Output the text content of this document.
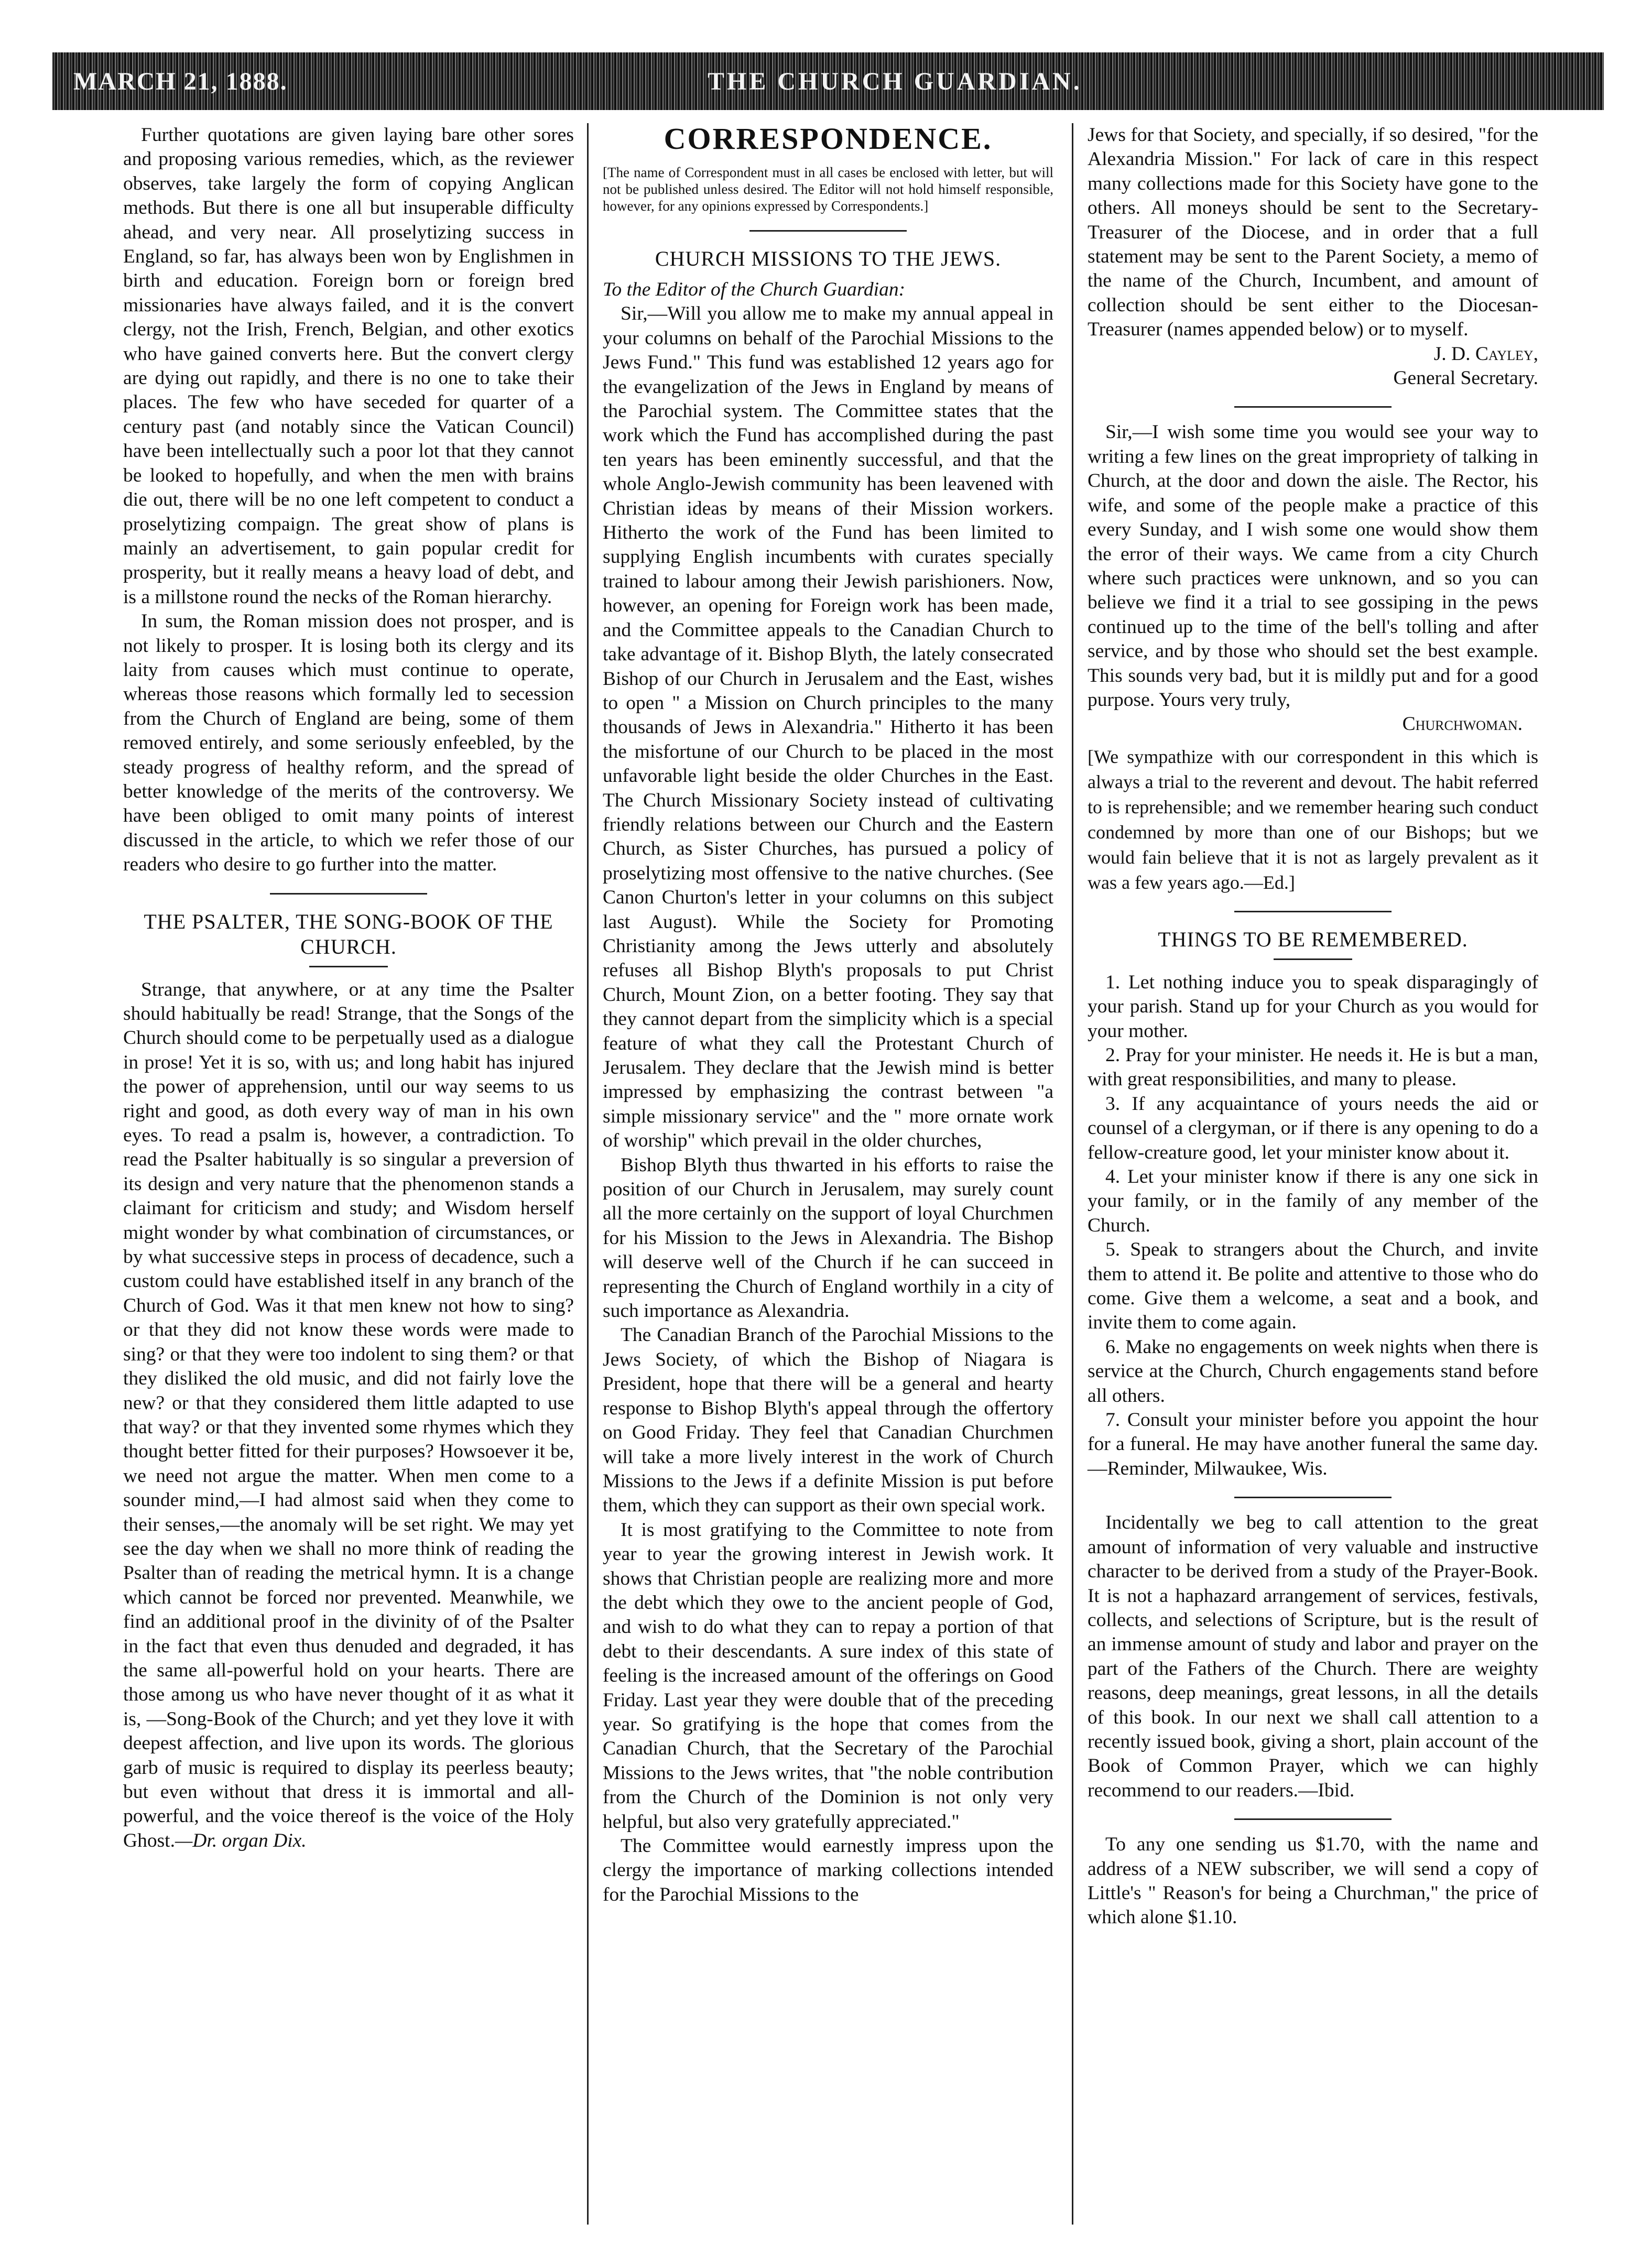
MARCH 21, 1888.	THE CHURCH GUARDIAN.

Further quotations are given laying bare other sores and proposing various remedies, which, as the reviewer observes, take largely the form of copying Anglican methods. But there is one all but insuperable difficulty ahead, and very near. All proselytizing success in England, so far, has always been won by Englishmen in birth and education. Foreign born or foreign bred missionaries have always failed, and it is the convert clergy, not the Irish, French, Belgian, and other exotics who have gained converts here. But the convert clergy are dying out rapidly, and there is no one to take their places. The few who have seceded for quarter of a century past (and notably since the Vatican Council) have been intellectually such a poor lot that they cannot be looked to hopefully, and when the men with brains die out, there will be no one left competent to conduct a proselytizing compaign. The great show of plans is mainly an advertisement, to gain popular credit for prosperity, but it really means a heavy load of debt, and is a millstone round the necks of the Roman hierarchy.

In sum, the Roman mission does not prosper, and is not likely to prosper. It is losing both its clergy and its laity from causes which must continue to operate, whereas those reasons which formally led to secession from the Church of England are being, some of them removed entirely, and some seriously enfeebled, by the steady progress of healthy reform, and the spread of better knowledge of the merits of the controversy. We have been obliged to omit many points of interest discussed in the article, to which we refer those of our readers who desire to go further into the matter.

THE PSALTER, THE SONG-BOOK OF THE CHURCH.

Strange, that anywhere, or at any time the Psalter should habitually be read! Strange, that the Songs of the Church should come to be perpetually used as a dialogue in prose! Yet it is so, with us; and long habit has injured the power of apprehension, until our way seems to us right and good, as doth every way of man in his own eyes. To read a psalm is, however, a contradiction. To read the Psalter habitually is so singular a preversion of its design and very nature that the phenomenon stands a claimant for criticism and study; and Wisdom herself might wonder by what combination of circumstances, or by what successive steps in process of decadence, such a custom could have established itself in any branch of the Church of God. Was it that men knew not how to sing? or that they did not know these words were made to sing? or that they were too indolent to sing them? or that they disliked the old music, and did not fairly love the new? or that they considered them little adapted to use that way? or that they invented some rhymes which they thought better fitted for their purposes? Howsoever it be, we need not argue the matter. When men come to a sounder mind,—I had almost said when they come to their senses,—the anomaly will be set right. We may yet see the day when we shall no more think of reading the Psalter than of reading the metrical hymn. It is a change which cannot be forced nor prevented. Meanwhile, we find an additional proof in the divinity of of the Psalter in the fact that even thus denuded and degraded, it has the same all-powerful hold on your hearts. There are those among us who have never thought of it as what it is, —Song-Book of the Church; and yet they love it with deepest affection, and live upon its words. The glorious garb of music is required to display its peerless beauty; but even without that dress it is immortal and all-powerful, and the voice thereof is the voice of the Holy Ghost.—Dr. organ Dix.

CORRESPONDENCE.

[The name of Correspondent must in all cases be enclosed with letter, but will not be published unless desired. The Editor will not hold himself responsible, however, for any opinions expressed by Correspondents.]

CHURCH MISSIONS TO THE JEWS.

To the Editor of the Church Guardian:

Sir,—Will you allow me to make my annual appeal in your columns on behalf of the Parochial Missions to the Jews Fund." This fund was established 12 years ago for the evangelization of the Jews in England by means of the Parochial system. The Committee states that the work which the Fund has accomplished during the past ten years has been eminently successful, and that the whole Anglo-Jewish community has been leavened with Christian ideas by means of their Mission workers. Hitherto the work of the Fund has been limited to supplying English incumbents with curates specially trained to labour among their Jewish parishioners. Now, however, an opening for Foreign work has been made, and the Committee appeals to the Canadian Church to take advantage of it. Bishop Blyth, the lately consecrated Bishop of our Church in Jerusalem and the East, wishes to open " a Mission on Church principles to the many thousands of Jews in Alexandria." Hitherto it has been the misfortune of our Church to be placed in the most unfavorable light beside the older Churches in the East. The Church Missionary Society instead of cultivating friendly relations between our Church and the Eastern Church, as Sister Churches, has pursued a policy of proselytizing most offensive to the native churches. (See Canon Churton's letter in your columns on this subject last August). While the Society for Promoting Christianity among the Jews utterly and absolutely refuses all Bishop Blyth's proposals to put Christ Church, Mount Zion, on a better footing. They say that they cannot depart from the simplicity which is a special feature of what they call the Protestant Church of Jerusalem. They declare that the Jewish mind is better impressed by emphasizing the contrast between "a simple missionary service" and the " more ornate work of worship" which prevail in the older churches,

Bishop Blyth thus thwarted in his efforts to raise the position of our Church in Jerusalem, may surely count all the more certainly on the support of loyal Churchmen for his Mission to the Jews in Alexandria. The Bishop will deserve well of the Church if he can succeed in representing the Church of England worthily in a city of such importance as Alexandria.

The Canadian Branch of the Parochial Missions to the Jews Society, of which the Bishop of Niagara is President, hope that there will be a general and hearty response to Bishop Blyth's appeal through the offertory on Good Friday. They feel that Canadian Churchmen will take a more lively interest in the work of Church Missions to the Jews if a definite Mission is put before them, which they can support as their own special work.

It is most gratifying to the Committee to note from year to year the growing interest in Jewish work. It shows that Christian people are realizing more and more the debt which they owe to the ancient people of God, and wish to do what they can to repay a portion of that debt to their descendants. A sure index of this state of feeling is the increased amount of the offerings on Good Friday. Last year they were double that of the preceding year. So gratifying is the hope that comes from the Canadian Church, that the Secretary of the Parochial Missions to the Jews writes, that "the noble contribution from the Church of the Dominion is not only very helpful, but also very gratefully appreciated."

The Committee would earnestly impress upon the clergy the importance of marking collections intended for the Parochial Missions to the

Jews for that Society, and specially, if so desired, "for the Alexandria Mission." For lack of care in this respect many collections made for this Society have gone to the others. All moneys should be sent to the Secretary-Treasurer of the Diocese, and in order that a full statement may be sent to the Parent Society, a memo of the name of the Church, Incumbent, and amount of collection should be sent either to the Diocesan-Treasurer (names appended below) or to myself.

J. D. Cayley,

General Secretary.

Sir,—I wish some time you would see your way to writing a few lines on the great impropriety of talking in Church, at the door and down the aisle. The Rector, his wife, and some of the people make a practice of this every Sunday, and I wish some one would show them the error of their ways. We came from a city Church where such practices were unknown, and so you can believe we find it a trial to see gossiping in the pews continued up to the time of the bell's tolling and after service, and by those who should set the best example. This sounds very bad, but it is mildly put and for a good purpose. Yours very truly,

Churchwoman.

[We sympathize with our correspondent in this which is always a trial to the reverent and devout. The habit referred to is reprehensible; and we remember hearing such conduct condemned by more than one of our Bishops; but we would fain believe that it is not as largely prevalent as it was a few years ago.—Ed.]

THINGS TO BE REMEMBERED.

1. Let nothing induce you to speak disparagingly of your parish. Stand up for your Church as you would for your mother.

2. Pray for your minister. He needs it. He is but a man, with great responsibilities, and many to please.

3. If any acquaintance of yours needs the aid or counsel of a clergyman, or if there is any opening to do a fellow-creature good, let your minister know about it.

4. Let your minister know if there is any one sick in your family, or in the family of any member of the Church.

5. Speak to strangers about the Church, and invite them to attend it. Be polite and attentive to those who do come. Give them a welcome, a seat and a book, and invite them to come again.

6. Make no engagements on week nights when there is service at the Church, Church engagements stand before all others.

7. Consult your minister before you appoint the hour for a funeral. He may have another funeral the same day.—Reminder, Milwaukee, Wis.

Incidentally we beg to call attention to the great amount of information of very valuable and instructive character to be derived from a study of the Prayer-Book. It is not a haphazard arrangement of services, festivals, collects, and selections of Scripture, but is the result of an immense amount of study and labor and prayer on the part of the Fathers of the Church. There are weighty reasons, deep meanings, great lessons, in all the details of this book. In our next we shall call attention to a recently issued book, giving a short, plain account of the Book of Common Prayer, which we can highly recommend to our readers.—Ibid.

To any one sending us $1.70, with the name and address of a NEW subscriber, we will send a copy of Little's " Reason's for being a Churchman," the price of which alone $1.10.
